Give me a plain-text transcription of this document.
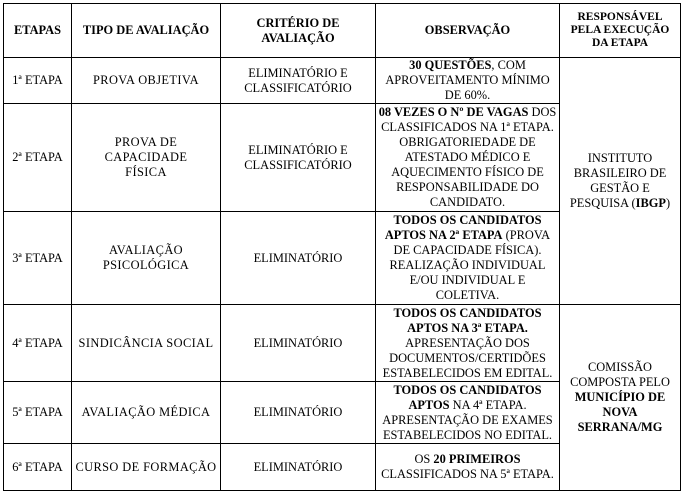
ETAPAS	TIPO DE AVALIAÇÃO	CRITÉRIO DE AVALIAÇÃO	OBSERVAÇÃO	RESPONSÁVEL PELA EXECUÇÃO DA ETAPA
1ª ETAPA	PROVA OBJETIVA	ELIMINATÓRIO E CLASSIFICATÓRIO	30 QUESTÕES, COM APROVEITAMENTO MÍNIMO DE 60%.	INSTITUTO BRASILEIRO DE GESTÃO E PESQUISA (IBGP)
2ª ETAPA	PROVA DE CAPACIDADE FÍSICA	ELIMINATÓRIO E CLASSIFICATÓRIO	08 VEZES O Nº DE VAGAS DOS CLASSIFICADOS NA 1ª ETAPA. OBRIGATORIEDADE DE ATESTADO MÉDICO E AQUECIMENTO FÍSICO DE RESPONSABILIDADE DO CANDIDATO.	
3ª ETAPA	AVALIAÇÃO PSICOLÓGICA	ELIMINATÓRIO	TODOS OS CANDIDATOS APTOS NA 2ª ETAPA (PROVA DE CAPACIDADE FÍSICA). REALIZAÇÃO INDIVIDUAL E/OU INDIVIDUAL E COLETIVA.	
4ª ETAPA	SINDICÂNCIA SOCIAL	ELIMINATÓRIO	TODOS OS CANDIDATOS APTOS NA 3ª ETAPA. APRESENTAÇÃO DOS DOCUMENTOS/CERTIDÕES ESTABELECIDOS EM EDITAL.	COMISSÃO COMPOSTA PELO MUNICÍPIO DE NOVA SERRANA/MG
5ª ETAPA	AVALIAÇÃO MÉDICA	ELIMINATÓRIO	TODOS OS CANDIDATOS APTOS NA 4ª ETAPA. APRESENTAÇÃO DE EXAMES ESTABELECIDOS NO EDITAL.	
6ª ETAPA	CURSO DE FORMAÇÃO	ELIMINATÓRIO	OS 20 PRIMEIROS CLASSIFICADOS NA 5ª ETAPA.	
